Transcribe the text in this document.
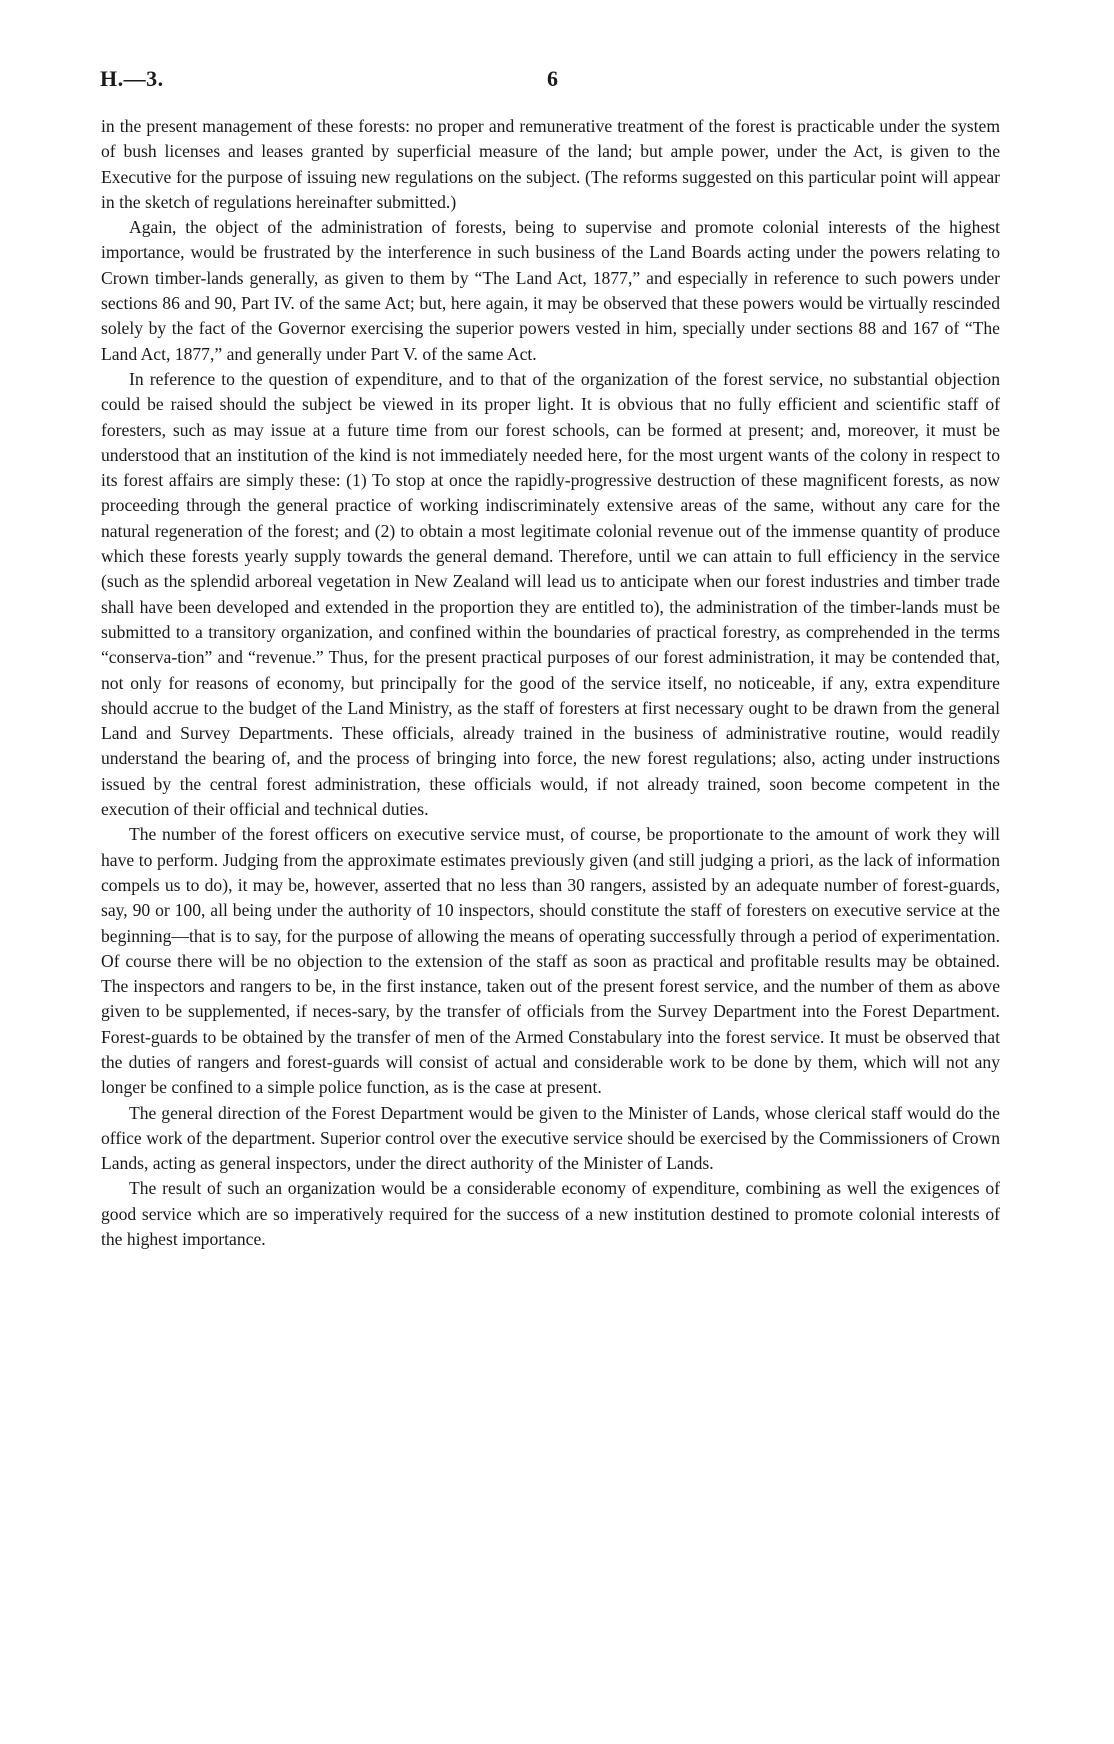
H.—3.	6

in the present management of these forests: no proper and remunerative treatment of the forest is practicable under the system of bush licenses and leases granted by superficial measure of the land; but ample power, under the Act, is given to the Executive for the purpose of issuing new regulations on the subject. (The reforms suggested on this particular point will appear in the sketch of regulations hereinafter submitted.)

Again, the object of the administration of forests, being to supervise and promote colonial interests of the highest importance, would be frustrated by the interference in such business of the Land Boards acting under the powers relating to Crown timber-lands generally, as given to them by “The Land Act, 1877,” and especially in reference to such powers under sections 86 and 90, Part IV. of the same Act; but, here again, it may be observed that these powers would be virtually rescinded solely by the fact of the Governor exercising the superior powers vested in him, specially under sections 88 and 167 of “The Land Act, 1877,” and generally under Part V. of the same Act.

In reference to the question of expenditure, and to that of the organization of the forest service, no substantial objection could be raised should the subject be viewed in its proper light. It is obvious that no fully efficient and scientific staff of foresters, such as may issue at a future time from our forest schools, can be formed at present; and, moreover, it must be understood that an institution of the kind is not immediately needed here, for the most urgent wants of the colony in respect to its forest affairs are simply these: (1) To stop at once the rapidly-progressive destruction of these magnificent forests, as now proceeding through the general practice of working indiscriminately extensive areas of the same, without any care for the natural regeneration of the forest; and (2) to obtain a most legitimate colonial revenue out of the immense quantity of produce which these forests yearly supply towards the general demand. Therefore, until we can attain to full efficiency in the service (such as the splendid arboreal vegetation in New Zealand will lead us to anticipate when our forest industries and timber trade shall have been developed and extended in the proportion they are entitled to), the administration of the timber-lands must be submitted to a transitory organization, and confined within the boundaries of practical forestry, as comprehended in the terms “conserva-tion” and “revenue.” Thus, for the present practical purposes of our forest administration, it may be contended that, not only for reasons of economy, but principally for the good of the service itself, no noticeable, if any, extra expenditure should accrue to the budget of the Land Ministry, as the staff of foresters at first necessary ought to be drawn from the general Land and Survey Departments. These officials, already trained in the business of administrative routine, would readily understand the bearing of, and the process of bringing into force, the new forest regulations; also, acting under instructions issued by the central forest administration, these officials would, if not already trained, soon become competent in the execution of their official and technical duties.

The number of the forest officers on executive service must, of course, be proportionate to the amount of work they will have to perform. Judging from the approximate estimates previously given (and still judging a priori, as the lack of information compels us to do), it may be, however, asserted that no less than 30 rangers, assisted by an adequate number of forest-guards, say, 90 or 100, all being under the authority of 10 inspectors, should constitute the staff of foresters on executive service at the beginning—that is to say, for the purpose of allowing the means of operating successfully through a period of experimentation. Of course there will be no objection to the extension of the staff as soon as practical and profitable results may be obtained. The inspectors and rangers to be, in the first instance, taken out of the present forest service, and the number of them as above given to be supplemented, if neces-sary, by the transfer of officials from the Survey Department into the Forest Department. Forest-guards to be obtained by the transfer of men of the Armed Constabulary into the forest service. It must be observed that the duties of rangers and forest-guards will consist of actual and considerable work to be done by them, which will not any longer be confined to a simple police function, as is the case at present.

The general direction of the Forest Department would be given to the Minister of Lands, whose clerical staff would do the office work of the department. Superior control over the executive service should be exercised by the Commissioners of Crown Lands, acting as general inspectors, under the direct authority of the Minister of Lands.

The result of such an organization would be a considerable economy of expenditure, combining as well the exigences of good service which are so imperatively required for the success of a new institution destined to promote colonial interests of the highest importance.
